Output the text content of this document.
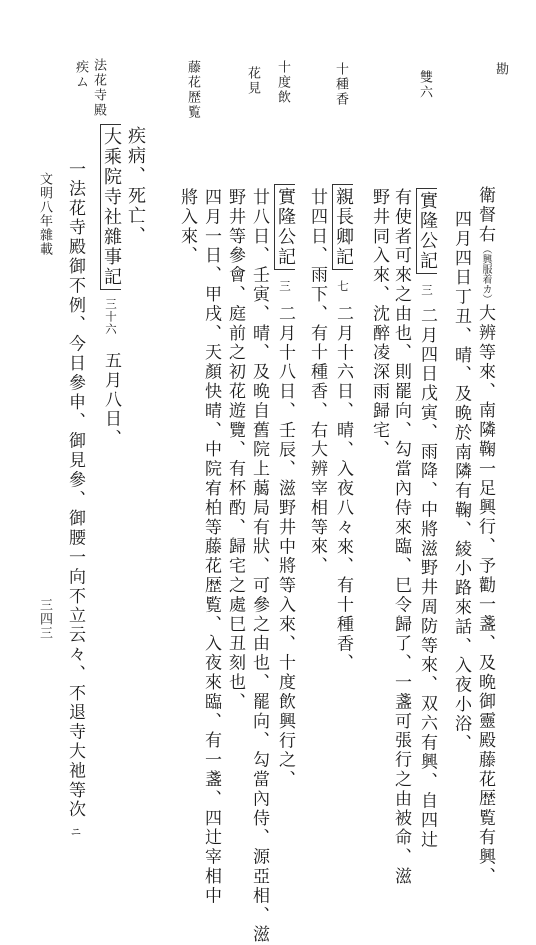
勘
雙六
十種香
十度飲
花見
藤花歴覧
法花寺殿
疾ム
衛督右（興服着カ）大辨等來、南隣鞠一足興行、予勸一盞、及晩御靈殿藤花歴覧有興、
四月四日丁丑、晴、及晩於南隣有鞠、綾小路來話、入夜小浴、
實隆公記三二月四日戊寅、雨降、中將滋野井周防等來、双六有興、自四辻
有使者可來之由也、則罷向、勾當內侍來臨、巳令歸了、一盞可張行之由被命、滋
野井同入來、沈醉凌深雨歸宅、
親長卿記七二月十六日、晴、入夜八々來、有十種香、
廿四日、雨下、有十種香、右大辨宰相等來、
實隆公記三二月十八日、壬辰、滋野井中將等入來、十度飲興行之、
廿八日、壬寅、晴、及晩自舊院上﨟局有狀、可參之由也、罷向、勾當內侍、源亞相、滋
野井等參會、庭前之初花遊覽、有杯酌、歸宅之處巳丑刻也、
四月一日、甲戌、天顏快晴、中院宥柏等藤花歴覧、入夜來臨、有一盞、四辻宰相中
將入來、
疾病、死亡、
大乘院寺社雜事記三十六五月八日、
一法花寺殿御不例、今日參申、御見參、御腰一向不立云々、不退寺大祂等次ニ
文明八年雜載
三四三
